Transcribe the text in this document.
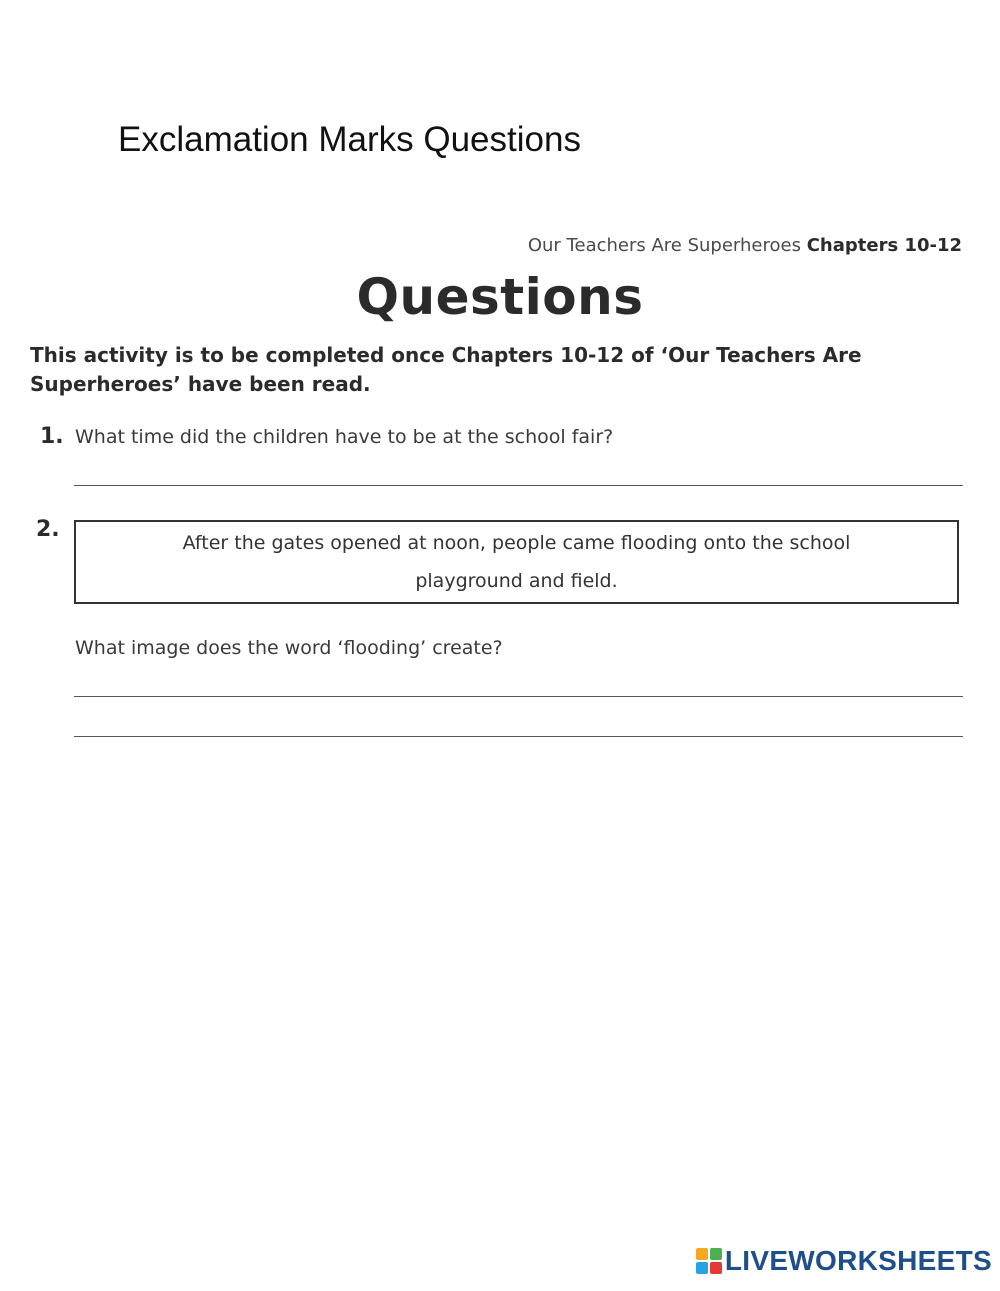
Exclamation Marks Questions
Our Teachers Are Superheroes Chapters 10-12
Questions
This activity is to be completed once Chapters 10-12 of ‘Our Teachers Are Superheroes’ have been read.
1. What time did the children have to be at the school fair?
2.
After the gates opened at noon, people came flooding onto the school playground and field.
What image does the word ‘flooding’ create?
LIVEWORKSHEETS
